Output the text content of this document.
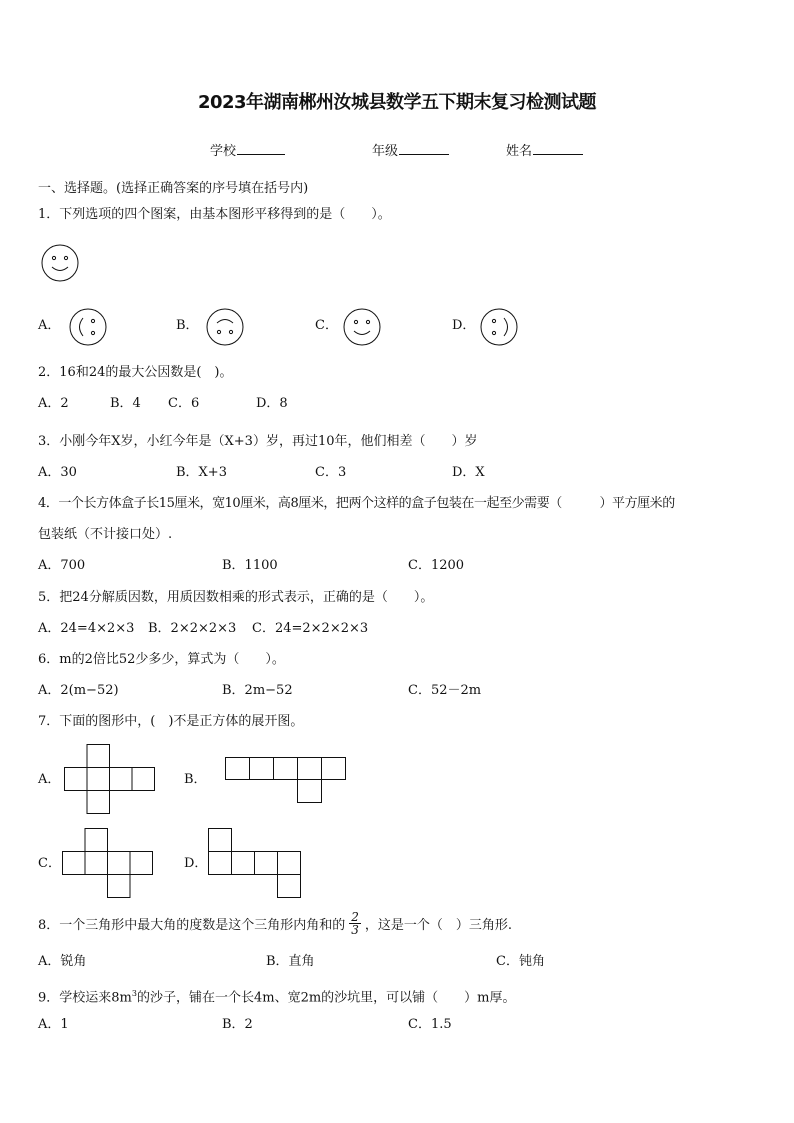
2023年湖南郴州汝城县数学五下期末复习检测试题
学校	年级	姓名
一、选择题。(选择正确答案的序号填在括号内)
1．下列选项的四个图案，由基本图形平移得到的是（　　）。
A．	B．	C．	D．
2．16和24的最大公因数是(　)。
A．2	B．4 C．6	D．8
3．小刚今年X岁，小红今年是（X+3）岁，再过10年，他们相差（　　）岁
A．30	B．X+3	C．3	D．X
4．一个长方体盒子长15厘米，宽10厘米，高8厘米，把两个这样的盒子包装在一起至少需要（　　　）平方厘米的
包装纸（不计接口处）.
A．700	B．1100	C．1200
5．把24分解质因数，用质因数相乘的形式表示，正确的是（　　）。
A．24=4×2×3 B．2×2×2×3 C．24=2×2×2×3
6．m的2倍比52少多少，算式为（　　）。
A．2(m−52)	B．2m−52	C．52－2m
7．下面的图形中，(　)不是正方体的展开图。
A．	B．
C．	D．
8．一个三角形中最大角的度数是这个三角形内角和的 $\frac{2}{3}$ ，这是一个（　）三角形.
A．锐角	B．直角	C．钝角
9．学校运来$8m^3$的沙子，铺在一个长4m、宽2m的沙坑里，可以铺（　　）m厚。
A．1	B．2	C．1.5
